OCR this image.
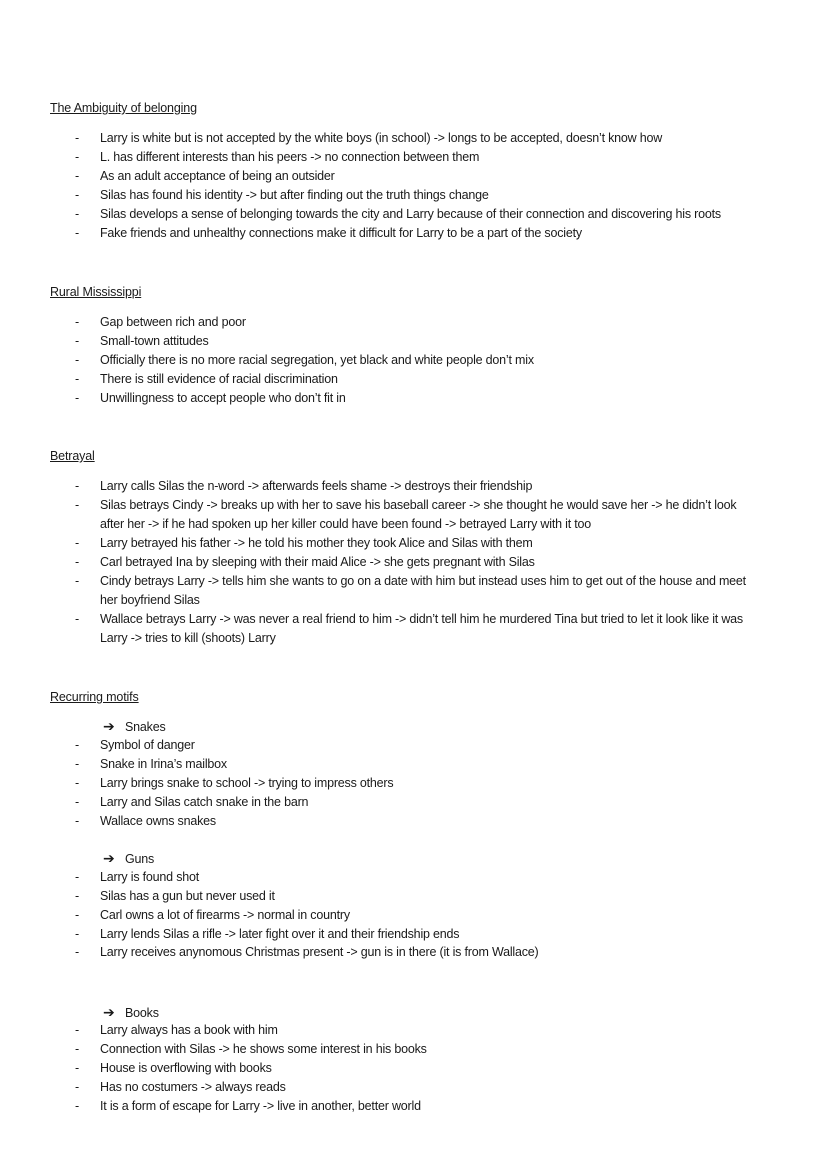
The Ambiguity of belonging
- Larry is white but is not accepted by the white boys (in school) -> longs to be accepted, doesn’t know how
- L. has different interests than his peers -> no connection between them
- As an adult acceptance of being an outsider
- Silas has found his identity -> but after finding out the truth things change
- Silas develops a sense of belonging towards the city and Larry because of their connection and discovering his roots
- Fake friends and unhealthy connections make it difficult for Larry to be a part of the society
Rural Mississippi
- Gap between rich and poor
- Small-town attitudes
- Officially there is no more racial segregation, yet black and white people don’t mix
- There is still evidence of racial discrimination
- Unwillingness to accept people who don’t fit in
Betrayal
- Larry calls Silas the n-word -> afterwards feels shame -> destroys their friendship
- Silas betrays Cindy -> breaks up with her to save his baseball career -> she thought he would save her -> he didn’t look
after her -> if he had spoken up her killer could have been found -> betrayed Larry with it too
- Larry betrayed his father -> he told his mother they took Alice and Silas with them
- Carl betrayed Ina by sleeping with their maid Alice -> she gets pregnant with Silas
- Cindy betrays Larry -> tells him she wants to go on a date with him but instead uses him to get out of the house and meet
her boyfriend Silas
- Wallace betrays Larry -> was never a real friend to him -> didn’t tell him he murdered Tina but tried to let it look like it was
Larry -> tries to kill (shoots) Larry
Recurring motifs
➔ Snakes
- Symbol of danger
- Snake in Irina’s mailbox
- Larry brings snake to school -> trying to impress others
- Larry and Silas catch snake in the barn
- Wallace owns snakes
➔ Guns
- Larry is found shot
- Silas has a gun but never used it
- Carl owns a lot of firearms -> normal in country
- Larry lends Silas a rifle -> later fight over it and their friendship ends
- Larry receives anynomous Christmas present -> gun is in there (it is from Wallace)
➔ Books
- Larry always has a book with him
- Connection with Silas -> he shows some interest in his books
- House is overflowing with books
- Has no costumers -> always reads
- It is a form of escape for Larry -> live in another, better world
